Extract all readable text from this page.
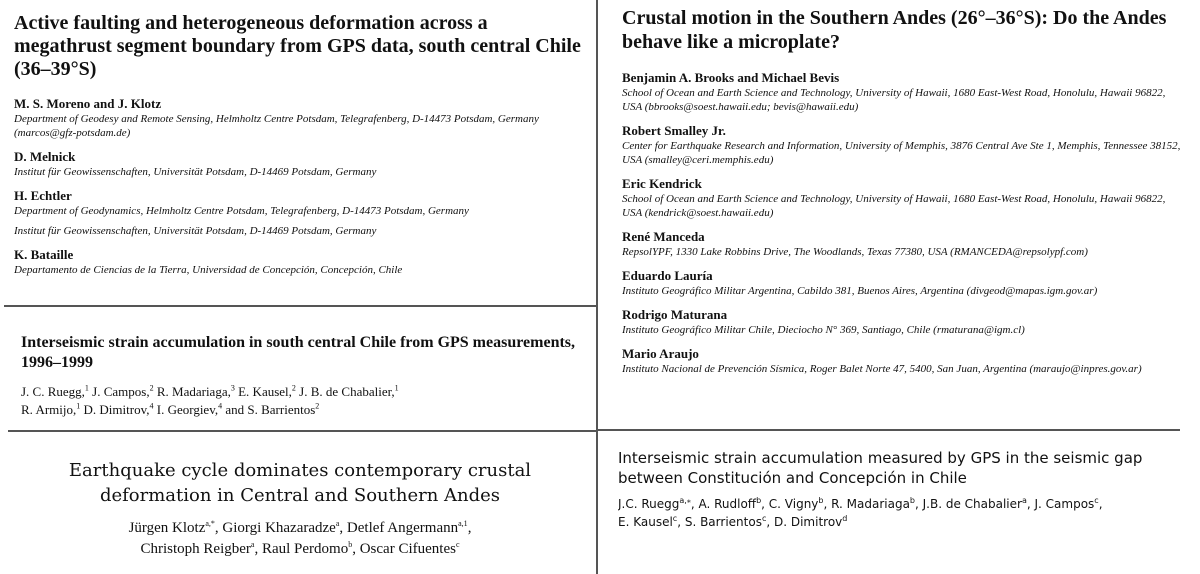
Active faulting and heterogeneous deformation across a megathrust segment boundary from GPS data, south central Chile (36–39°S)

M. S. Moreno and J. Klotz

Department of Geodesy and Remote Sensing, Helmholtz Centre Potsdam, Telegrafenberg, D-14473 Potsdam, Germany (marcos@gfz-potsdam.de)

D. Melnick

Institut für Geowissenschaften, Universität Potsdam, D-14469 Potsdam, Germany

H. Echtler

Department of Geodynamics, Helmholtz Centre Potsdam, Telegrafenberg, D-14473 Potsdam, Germany

Institut für Geowissenschaften, Universität Potsdam, D-14469 Potsdam, Germany

K. Bataille

Departamento de Ciencias de la Tierra, Universidad de Concepción, Concepción, Chile

Interseismic strain accumulation in south central Chile from GPS measurements, 1996–1999
J. C. Ruegg,$^1$ J. Campos,$^2$ R. Madariaga,$^3$ E. Kausel,$^2$ J. B. de Chabalier,$^1$
R. Armijo,$^1$ D. Dimitrov,$^4$ I. Georgiev,$^4$ and S. Barrientos$^2$
Earthquake cycle dominates contemporary crustal
deformation in Central and Southern Andes
Jürgen Klotz$^{a,*}$, Giorgi Khazaradze$^a$, Detlef Angermann$^{a,1}$,
Christoph Reigber$^a$, Raul Perdomo$^b$, Oscar Cifuentes$^c$
Crustal motion in the Southern Andes (26°–36°S): Do the Andes behave like a microplate?

Benjamin A. Brooks and Michael Bevis

School of Ocean and Earth Science and Technology, University of Hawaii, 1680 East-West Road, Honolulu, Hawaii 96822, USA (bbrooks@soest.hawaii.edu; bevis@hawaii.edu)

Robert Smalley Jr.

Center for Earthquake Research and Information, University of Memphis, 3876 Central Ave Ste 1, Memphis, Tennessee 38152, USA (smalley@ceri.memphis.edu)

Eric Kendrick

School of Ocean and Earth Science and Technology, University of Hawaii, 1680 East-West Road, Honolulu, Hawaii 96822, USA (kendrick@soest.hawaii.edu)

René Manceda

RepsolYPF, 1330 Lake Robbins Drive, The Woodlands, Texas 77380, USA (RMANCEDA@repsolypf.com)

Eduardo Lauría

Instituto Geográfico Militar Argentina, Cabildo 381, Buenos Aires, Argentina (divgeod@mapas.igm.gov.ar)

Rodrigo Maturana

Instituto Geográfico Militar Chile, Dieciocho N° 369, Santiago, Chile (rmaturana@igm.cl)

Mario Araujo

Instituto Nacional de Prevención Sísmica, Roger Balet Norte 47, 5400, San Juan, Argentina (maraujo@inpres.gov.ar)

Interseismic strain accumulation measured by GPS in the seismic gap between Constitución and Concepción in Chile
J.C. Ruegg$^{a,⁎}$, A. Rudloff$^b$, C. Vigny$^b$, R. Madariaga$^b$, J.B. de Chabalier$^a$, J. Campos$^c$,
E. Kausel$^c$, S. Barrientos$^c$, D. Dimitrov$^d$
